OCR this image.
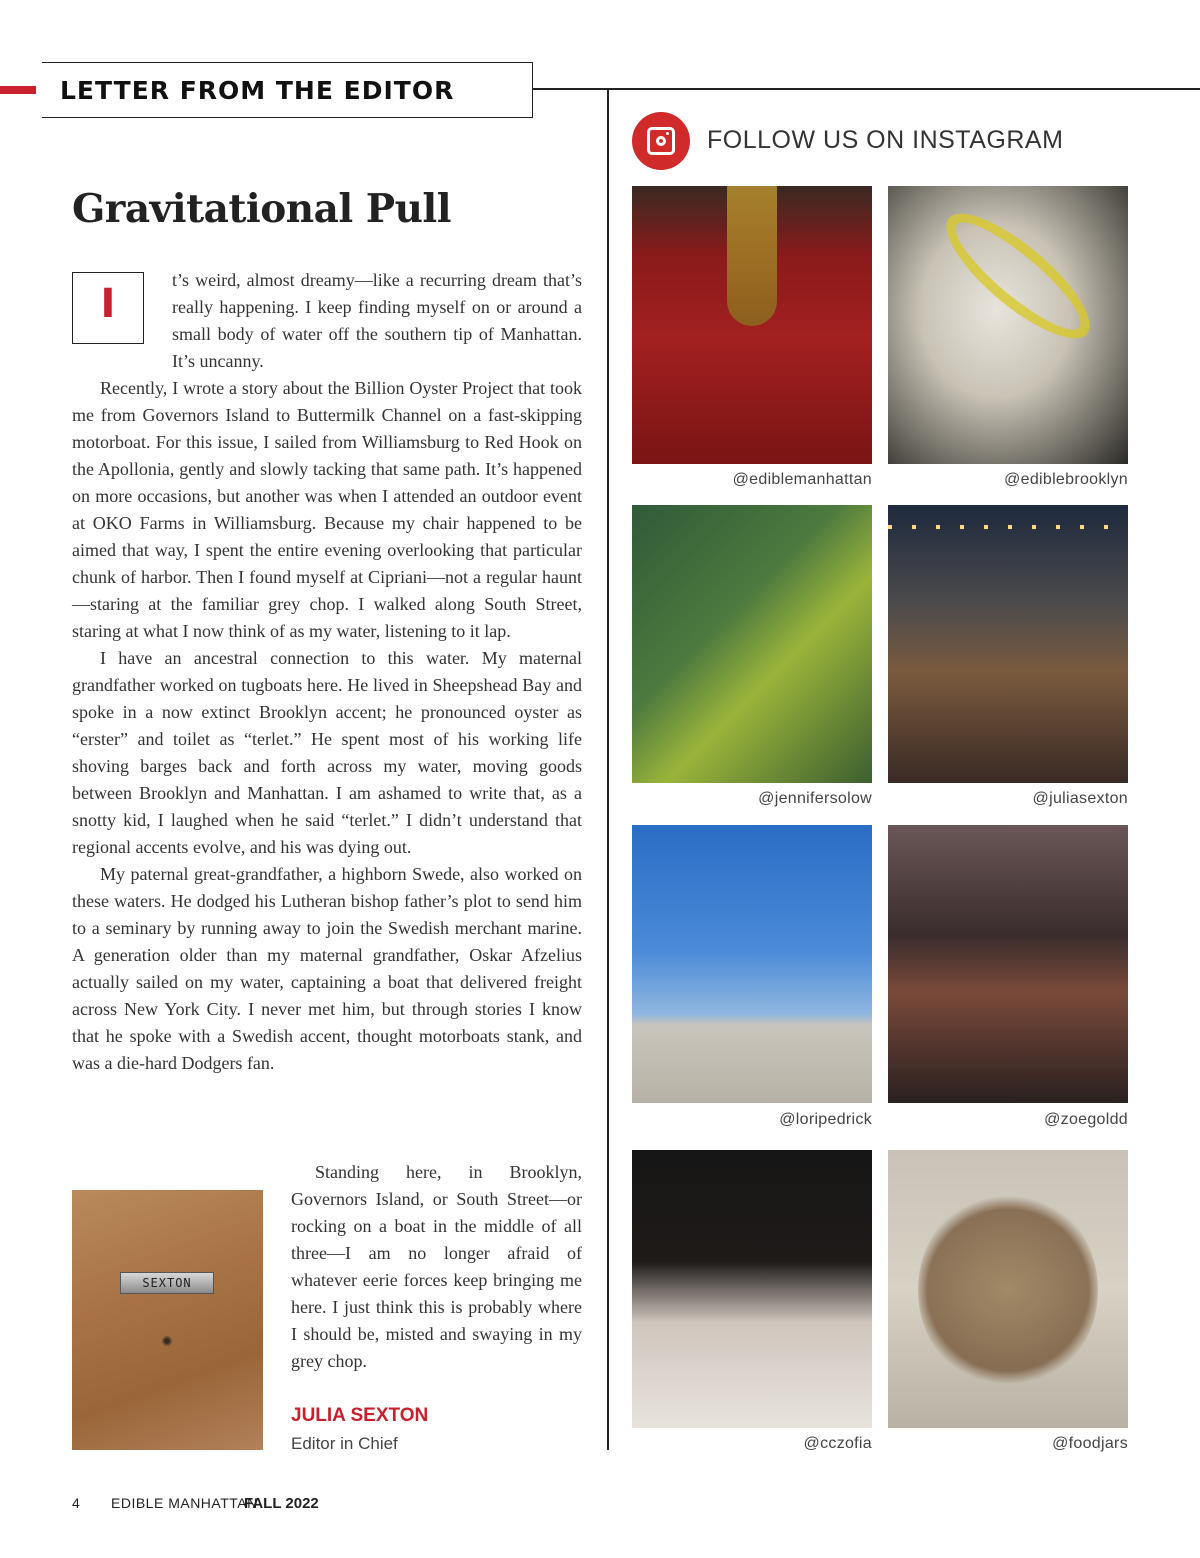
LETTER FROM THE EDITOR
Gravitational Pull
I
t’s weird, almost dreamy—like a recurring dream that’s really happening. I keep finding myself on or around a small body of water off the southern tip of Manhattan. It’s uncanny.

Recently, I wrote a story about the Billion Oyster Project that took me from Governors Island to Buttermilk Channel on a fast-skipping motorboat. For this issue, I sailed from Williamsburg to Red Hook on the Apollonia, gently and slowly tacking that same path. It’s happened on more occasions, but another was when I attended an outdoor event at OKO Farms in Williamsburg. Because my chair happened to be aimed that way, I spent the entire evening overlooking that particular chunk of harbor. Then I found myself at Cipriani—not a regular haunt—staring at the familiar grey chop. I walked along South Street, staring at what I now think of as my water, listening to it lap.

I have an ancestral connection to this water. My maternal grandfather worked on tugboats here. He lived in Sheepshead Bay and spoke in a now extinct Brooklyn accent; he pronounced oyster as “erster” and toilet as “terlet.” He spent most of his working life shoving barges back and forth across my water, moving goods between Brooklyn and Manhattan. I am ashamed to write that, as a snotty kid, I laughed when he said “terlet.” I didn’t understand that regional accents evolve, and his was dying out.

My paternal great-grandfather, a highborn Swede, also worked on these waters. He dodged his Lutheran bishop father’s plot to send him to a seminary by running away to join the Swedish merchant marine. A generation older than my maternal grandfather, Oskar Afzelius actually sailed on my water, captaining a boat that delivered freight across New York City. I never met him, but through stories I know that he spoke with a Swedish accent, thought motorboats stank, and was a die-hard Dodgers fan.

SEXTON
Standing here, in Brooklyn, Governors Island, or South Street—or rocking on a boat in the middle of all three—I am no longer afraid of whatever eerie forces keep bringing me here. I just think this is probably where I should be, misted and swaying in my grey chop.
JULIA SEXTON
Editor in Chief
FOLLOW US ON INSTAGRAM
@ediblemanhattan	@ediblebrooklyn
@jennifersolow	@juliasexton
@loripedrick	@zoegoldd
@cczofia	@foodjars
4 EDIBLE MANHATTAN
FALL 2022
